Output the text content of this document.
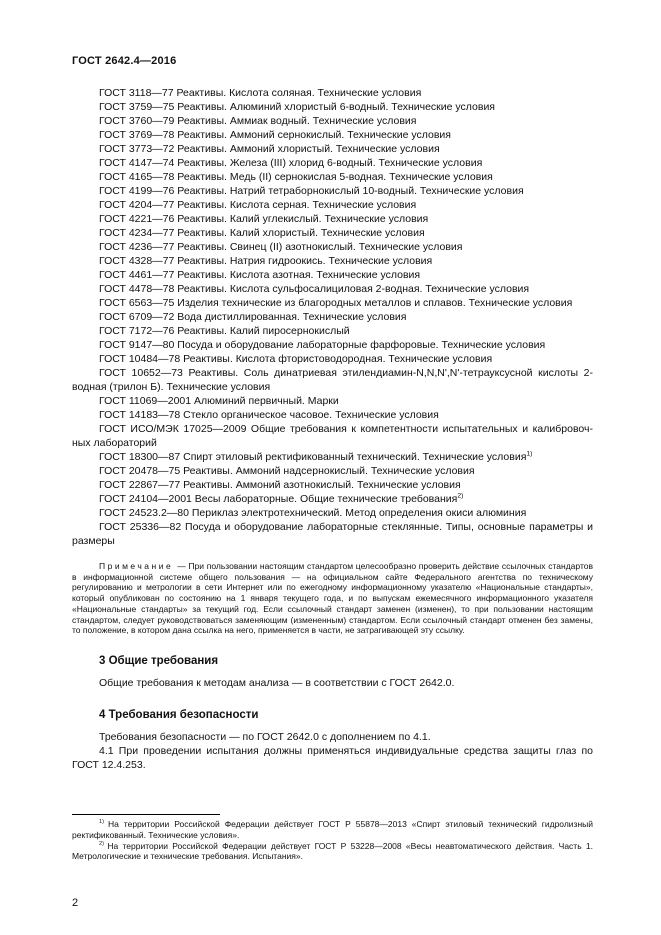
ГОСТ 2642.4—2016

ГОСТ 3118—77 Реактивы. Кислота соляная. Технические условия

ГОСТ 3759—75 Реактивы. Алюминий хлористый 6-водный. Технические условия

ГОСТ 3760—79 Реактивы. Аммиак водный. Технические условия

ГОСТ 3769—78 Реактивы. Аммоний сернокислый. Технические условия

ГОСТ 3773—72 Реактивы. Аммоний хлористый. Технические условия

ГОСТ 4147—74 Реактивы. Железа (III) хлорид 6-водный. Технические условия

ГОСТ 4165—78 Реактивы. Медь (II) сернокислая 5-водная. Технические условия

ГОСТ 4199—76 Реактивы. Натрий тетраборнокислый 10-водный. Технические условия

ГОСТ 4204—77 Реактивы. Кислота серная. Технические условия

ГОСТ 4221—76 Реактивы. Калий углекислый. Технические условия

ГОСТ 4234—77 Реактивы. Калий хлористый. Технические условия

ГОСТ 4236—77 Реактивы. Свинец (II) азотнокислый. Технические условия

ГОСТ 4328—77 Реактивы. Натрия гидроокись. Технические условия

ГОСТ 4461—77 Реактивы. Кислота азотная. Технические условия

ГОСТ 4478—78 Реактивы. Кислота сульфосалициловая 2-водная. Технические условия

ГОСТ 6563—75 Изделия технические из благородных металлов и сплавов. Технические условия

ГОСТ 6709—72 Вода дистиллированная. Технические условия

ГОСТ 7172—76 Реактивы. Калий пиросернокислый

ГОСТ 9147—80 Посуда и оборудование лабораторные фарфоровые. Технические условия

ГОСТ 10484—78 Реактивы. Кислота фтористоводородная. Технические условия

ГОСТ 10652—73 Реактивы. Соль динатриевая этилендиамин-N,N,N',N'-тетрауксусной кислоты 2-водная (трилон Б). Технические условия

ГОСТ 11069—2001 Алюминий первичный. Марки

ГОСТ 14183—78 Стекло органическое часовое. Технические условия

ГОСТ ИСО/МЭК 17025—2009 Общие требования к компетентности испытательных и калибровочных лабораторий

ГОСТ 18300—87 Спирт этиловый ректификованный технический. Технические условия$^{1)}$

ГОСТ 20478—75 Реактивы. Аммоний надсернокислый. Технические условия

ГОСТ 22867—77 Реактивы. Аммоний азотнокислый. Технические условия

ГОСТ 24104—2001 Весы лабораторные. Общие технические требования$^{2)}$

ГОСТ 24523.2—80 Периклаз электротехнический. Метод определения окиси алюминия

ГОСТ 25336—82 Посуда и оборудование лабораторные стеклянные. Типы, основные параметры и размеры

Примечание — При пользовании настоящим стандартом целесообразно проверить действие ссылочных стандартов в информационной системе общего пользования — на официальном сайте Федерального агентства по техническому регулированию и метрологии в сети Интернет или по ежегодному информационному указателю «Национальные стандарты», который опубликован по состоянию на 1 января текущего года, и по выпускам ежемесячного информационного указателя «Национальные стандарты» за текущий год. Если ссылочный стандарт заменен (изменен), то при пользовании настоящим стандартом, следует руководствоваться заменяющим (измененным) стандартом. Если ссылочный стандарт отменен без замены, то положение, в котором дана ссылка на него, применяется в части, не затрагивающей эту ссылку.

3 Общие требования

Общие требования к методам анализа — в соответствии с ГОСТ 2642.0.

4 Требования безопасности

Требования безопасности — по ГОСТ 2642.0 с дополнением по 4.1.

4.1 При проведении испытания должны применяться индивидуальные средства защиты глаз по ГОСТ 12.4.253.

$^{1)}$ На территории Российской Федерации действует ГОСТ Р 55878—2013 «Спирт этиловый технический гидролизный ректификованный. Технические условия».

$^{2)}$ На территории Российской Федерации действует ГОСТ Р 53228—2008 «Весы неавтоматического действия. Часть 1. Метрологические и технические требования. Испытания».

2
